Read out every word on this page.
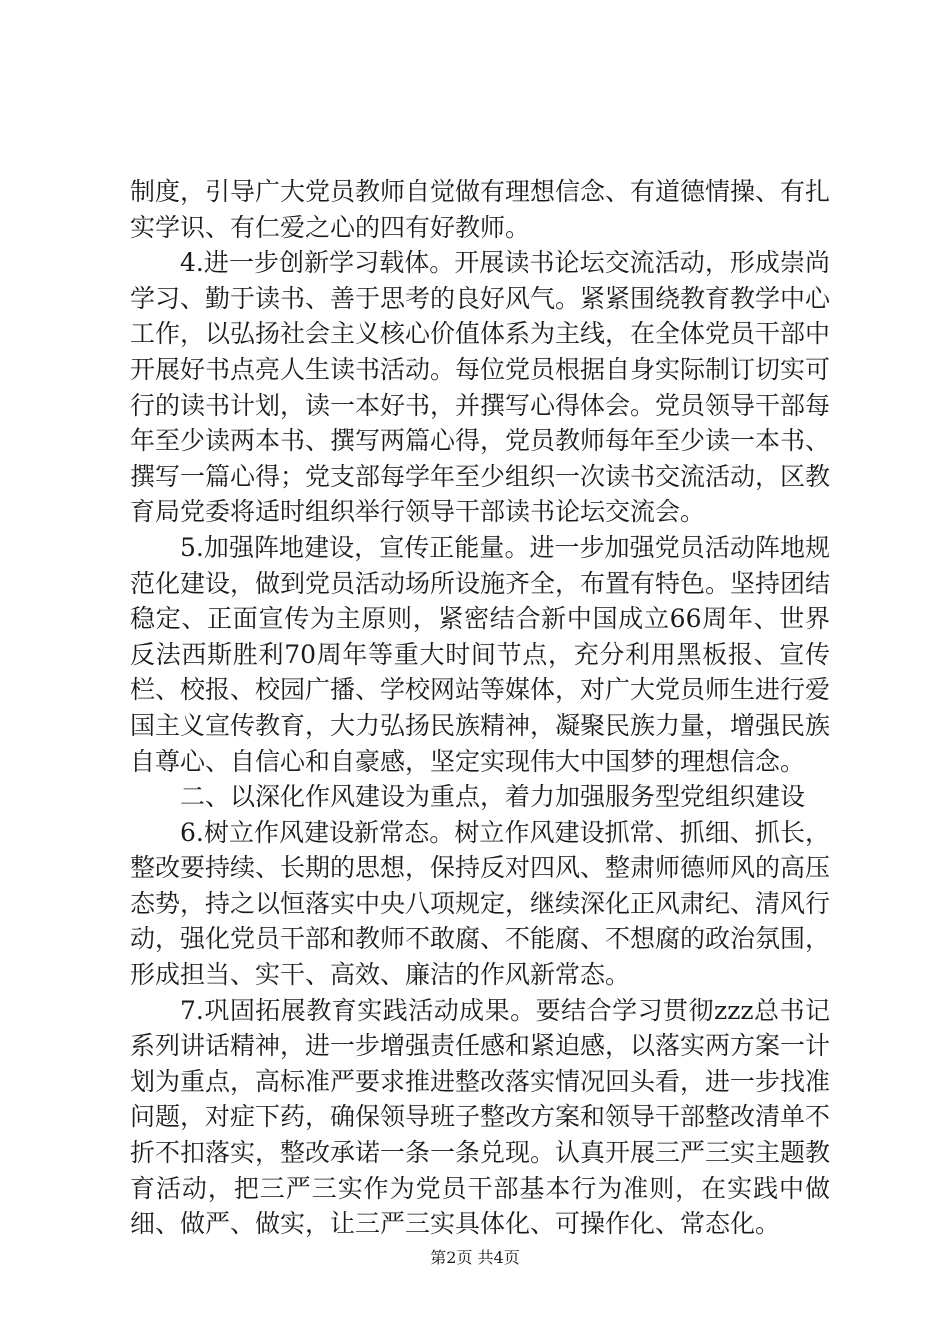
制度，引导广大党员教师自觉做有理想信念、有道德情操、有扎实学识、有仁爱之心的四有好教师。

4.进一步创新学习载体。开展读书论坛交流活动，形成崇尚学习、勤于读书、善于思考的良好风气。紧紧围绕教育教学中心工作，以弘扬社会主义核心价值体系为主线，在全体党员干部中开展好书点亮人生读书活动。每位党员根据自身实际制订切实可行的读书计划，读一本好书，并撰写心得体会。党员领导干部每年至少读两本书、撰写两篇心得，党员教师每年至少读一本书、撰写一篇心得；党支部每学年至少组织一次读书交流活动，区教育局党委将适时组织举行领导干部读书论坛交流会。

5.加强阵地建设，宣传正能量。进一步加强党员活动阵地规范化建设，做到党员活动场所设施齐全，布置有特色。坚持团结稳定、正面宣传为主原则，紧密结合新中国成立66周年、世界反法西斯胜利70周年等重大时间节点，充分利用黑板报、宣传栏、校报、校园广播、学校网站等媒体，对广大党员师生进行爱国主义宣传教育，大力弘扬民族精神，凝聚民族力量，增强民族自尊心、自信心和自豪感，坚定实现伟大中国梦的理想信念。

二、以深化作风建设为重点，着力加强服务型党组织建设

6.树立作风建设新常态。树立作风建设抓常、抓细、抓长，整改要持续、长期的思想，保持反对四风、整肃师德师风的高压态势，持之以恒落实中央八项规定，继续深化正风肃纪、清风行动，强化党员干部和教师不敢腐、不能腐、不想腐的政治氛围，形成担当、实干、高效、廉洁的作风新常态。

7.巩固拓展教育实践活动成果。要结合学习贯彻zzz总书记系列讲话精神，进一步增强责任感和紧迫感，以落实两方案一计划为重点，高标准严要求推进整改落实情况回头看，进一步找准问题，对症下药，确保领导班子整改方案和领导干部整改清单不折不扣落实，整改承诺一条一条兑现。认真开展三严三实主题教育活动，把三严三实作为党员干部基本行为准则，在实践中做细、做严、做实，让三严三实具体化、可操作化、常态化。

第2页 共4页
